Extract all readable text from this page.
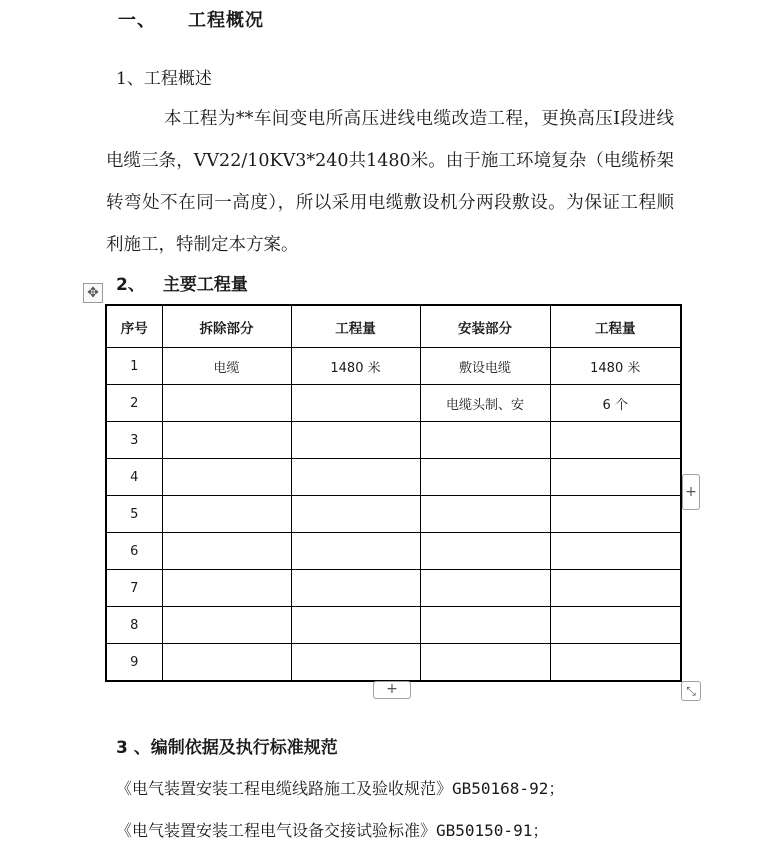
一、 工程概况
1、工程概述
本工程为**车间变电所高压进线电缆改造工程，更换高压Ⅰ段进线电缆三条，VV22/10KV3*240共1480米。由于施工环境复杂（电缆桥架转弯处不在同一高度），所以采用电缆敷设机分两段敷设。为保证工程顺利施工，特制定本方案。
2、 主要工程量
✥
序号	拆除部分	工程量	安装部分	工程量
1	电缆	1480 米	敷设电缆	1480 米
2			电缆头制、安	6 个
3				
4				
5				
6				
7				
8				
9				
+
+	⤡
3 、编制依据及执行标准规范
《电气装置安装工程电缆线路施工及验收规范》GB50168-92；
《电气装置安装工程电气设备交接试验标准》GB50150-91；
